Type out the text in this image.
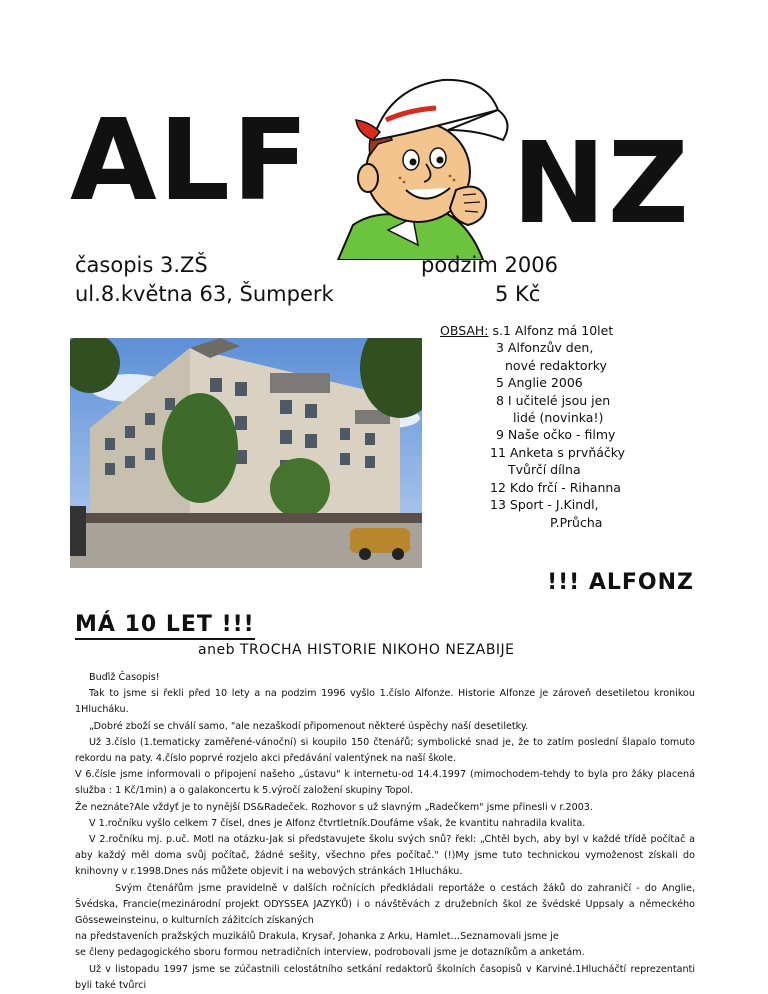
ALF NZ
časopis 3.ZŠ
ul.8.května 63, Šumperk
podzim 2006
5 Kč
OBSAH: s.1 Alfonz má 10let
3 Alfonzův den,
nové redaktorky
5 Anglie 2006
8 I učitelé jsou jen
lidé (novinka!)
9 Naše očko - filmy
11 Anketa s prvňáčky
Tvůrčí dílna
12 Kdo frčí - Rihanna
13 Sport - J.Kindl,
P.Průcha
!!! ALFONZ
MÁ 10 LET !!!
aneb TROCHA HISTORIE NIKOHO NEZABIJE

Buďiž Časopis!

Tak to jsme si řekli před 10 lety a na podzim 1996 vyšlo 1.číslo Alfonze. Historie Alfonze je zároveň desetiletou kronikou 1Hlucháku.

„Dobré zboží se chválí samo, "ale nezaškodí připomenout některé úspěchy naší desetiletky.

Už 3.číslo (1.tematicky zaměřené-vánoční) si koupilo 150 čtenářů; symbolické snad je, že to zatím poslední šlapalo tomuto rekordu na paty. 4.číslo poprvé rozjelo akci předávání valentýnek na naší škole.

V 6.čísle jsme informovali o připojení našeho „ústavu" k internetu-od 14.4.1997 (mimochodem-tehdy to byla pro žáky placená služba : 1 Kč/1min) a o galakoncertu k 5.výročí založení skupiny Topol.

Že neznáte?Ale vždyť je to nynější DS&Radeček. Rozhovor s už slavným „Radečkem" jsme přinesli v r.2003.

V 1.ročníku vyšlo celkem 7 čísel, dnes je Alfonz čtvrtletník.Doufáme však, že kvantitu nahradila kvalita.

V 2.ročníku mj. p.uč. Motl na otázku-Jak si představujete školu svých snů? řekl: „Chtěl bych, aby byl v každé třídě počítač a aby každý měl doma svůj počítač, žádné sešity, všechno přes počítač." (!)My jsme tuto technickou vymoženost získali do knihovny v r.1998.Dnes nás můžete objevit i na webových stránkách 1Hlucháku.

Svým čtenářům jsme pravidelně v dalších ročnících předkládali reportáže o cestách žáků do zahraničí - do Anglie, Švédska, Francie(mezinárodní projekt ODYSSEA JAZYKŮ) i o návštěvách z družebních škol ze švédské Uppsaly a německého Gösseweinsteinu, o kulturních zážitcích získaných

na představeních pražských muzikálů Drakula, Krysař, Johanka z Arku, Hamlet…Seznamovali jsme je

se členy pedagogického sboru formou netradičních interview, podrobovali jsme je dotazníkům a anketám.

Už v listopadu 1997 jsme se zúčastnili celostátního setkání redaktorů školních časopisů v Karviné.1Hlucháčtí reprezentanti byli také tvůrci
